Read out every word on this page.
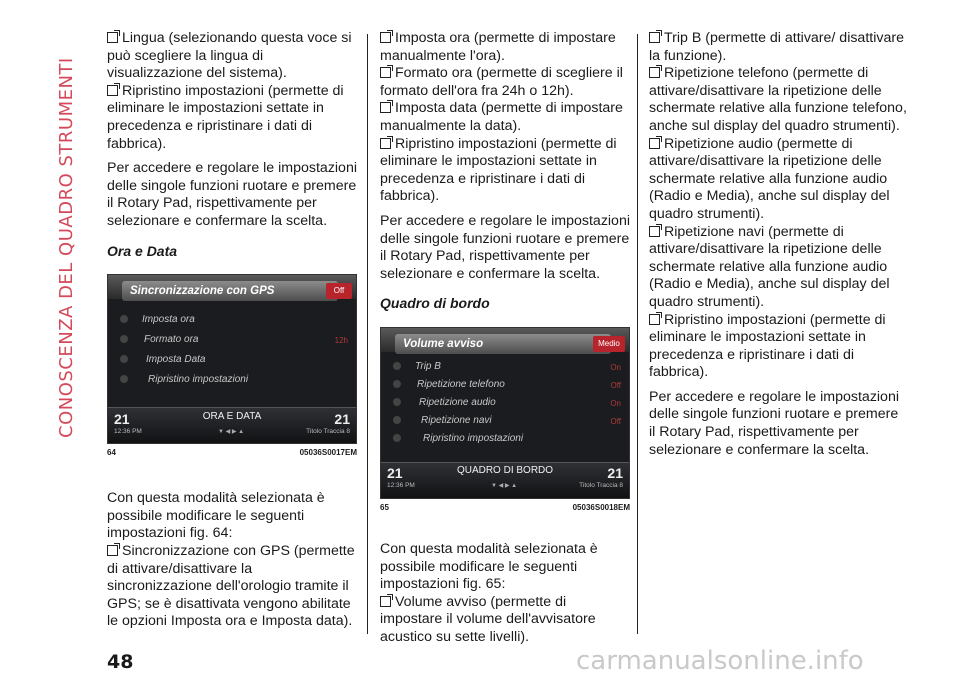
CONOSCENZA DEL QUADRO STRUMENTI
Lingua (selezionando questa voce si può scegliere la lingua di visualizzazione del sistema).
Ripristino impostazioni (permette di eliminare le impostazioni settate in precedenza e ripristinare i dati di fabbrica).

Per accedere e regolare le impostazioni delle singole funzioni ruotare e premere il Rotary Pad, rispettivamente per selezionare e confermare la scelta.

Ora e Data
Sincronizzazione con GPS	Off
Imposta ora
Formato ora	12h
Imposta Data
Ripristino impostazioni
21	ORA E DATA	21
12:36 PM	▼ ◀ ▶ ▲	Titolo Traccia 8
64	05036S0017EM

Con questa modalità selezionata è possibile modificare le seguenti impostazioni fig. 64:

Sincronizzazione con GPS (permette di attivare/disattivare la sincronizzazione dell'orologio tramite il GPS; se è disattivata vengono abilitate le opzioni Imposta ora e Imposta data).
Imposta ora (permette di impostare manualmente l'ora).
Formato ora (permette di scegliere il formato dell'ora fra 24h o 12h).
Imposta data (permette di impostare manualmente la data).
Ripristino impostazioni (permette di eliminare le impostazioni settate in precedenza e ripristinare i dati di fabbrica).

Per accedere e regolare le impostazioni delle singole funzioni ruotare e premere il Rotary Pad, rispettivamente per selezionare e confermare la scelta.

Quadro di bordo
Volume avviso	Medio
Trip B	On
Ripetizione telefono	Off
Ripetizione audio	On
Ripetizione navi	Off
Ripristino impostazioni
21	QUADRO DI BORDO	21
12:36 PM	▼ ◀ ▶ ▲	Titolo Traccia 8
65	05036S0018EM

Con questa modalità selezionata è possibile modificare le seguenti impostazioni fig. 65:

Volume avviso (permette di impostare il volume dell'avvisatore acustico su sette livelli).
Trip B (permette di attivare/ disattivare la funzione).
Ripetizione telefono (permette di attivare/disattivare la ripetizione delle schermate relative alla funzione telefono, anche sul display del quadro strumenti).
Ripetizione audio (permette di attivare/disattivare la ripetizione delle schermate relative alla funzione audio (Radio e Media), anche sul display del quadro strumenti).
Ripetizione navi (permette di attivare/disattivare la ripetizione delle schermate relative alla funzione audio (Radio e Media), anche sul display del quadro strumenti).
Ripristino impostazioni (permette di eliminare le impostazioni settate in precedenza e ripristinare i dati di fabbrica).

Per accedere e regolare le impostazioni delle singole funzioni ruotare e premere il Rotary Pad, rispettivamente per selezionare e confermare la scelta.

48	carmanualsonline.info
